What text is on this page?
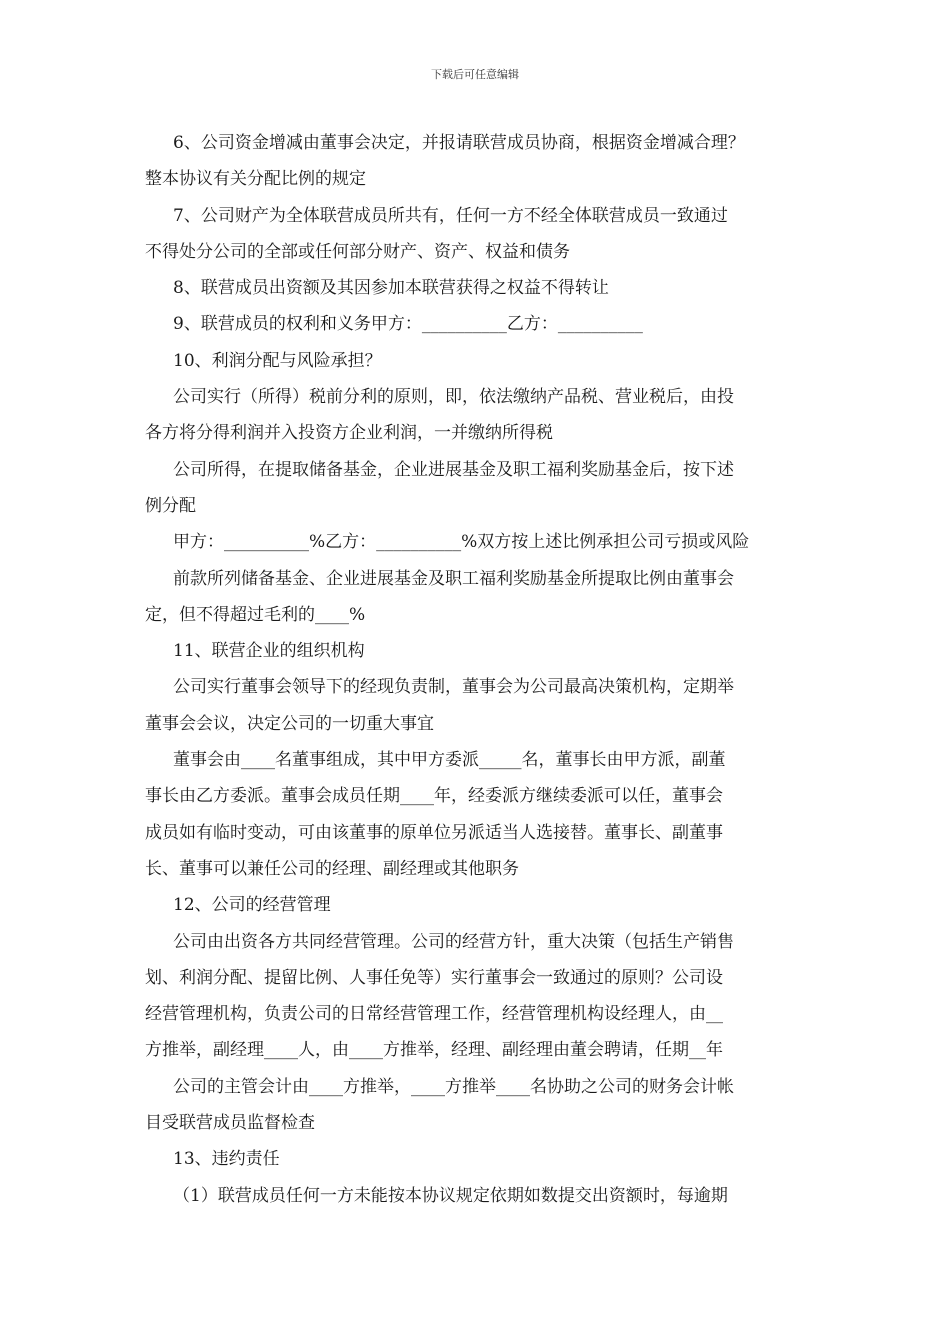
下载后可任意编辑
6、公司资金增减由董事会决定，并报请联营成员协商，根据资金增减合理？
整本协议有关分配比例的规定
7、公司财产为全体联营成员所共有，任何一方不经全体联营成员一致通过
不得处分公司的全部或任何部分财产、资产、权益和债务
8、联营成员出资额及其因参加本联营获得之权益不得转让
9、联营成员的权利和义务甲方：__________乙方：__________
10、利润分配与风险承担？
公司实行（所得）税前分利的原则，即，依法缴纳产品税、营业税后，由投
各方将分得利润并入投资方企业利润，一并缴纳所得税
公司所得，在提取储备基金，企业进展基金及职工福利奖励基金后，按下述
例分配
甲方：__________%乙方：__________%双方按上述比例承担公司亏损或风险
前款所列储备基金、企业进展基金及职工福利奖励基金所提取比例由董事会
定，但不得超过毛利的____%
11、联营企业的组织机构
公司实行董事会领导下的经现负责制，董事会为公司最高决策机构，定期举
董事会会议，决定公司的一切重大事宜
董事会由____名董事组成，其中甲方委派_____名，董事长由甲方派，副董
事长由乙方委派。董事会成员任期____年，经委派方继续委派可以任，董事会
成员如有临时变动，可由该董事的原单位另派适当人选接替。董事长、副董事
长、董事可以兼任公司的经理、副经理或其他职务
12、公司的经营管理
公司由出资各方共同经营管理。公司的经营方针，重大决策（包括生产销售
划、利润分配、提留比例、人事任免等）实行董事会一致通过的原则？公司设
经营管理机构，负责公司的日常经营管理工作，经营管理机构设经理人，由__
方推举，副经理____人，由____方推举，经理、副经理由董会聘请，任期__年
公司的主管会计由____方推举，____方推举____名协助之公司的财务会计帐
目受联营成员监督检查
13、违约责任
（1）联营成员任何一方未能按本协议规定依期如数提交出资额时，每逾期
